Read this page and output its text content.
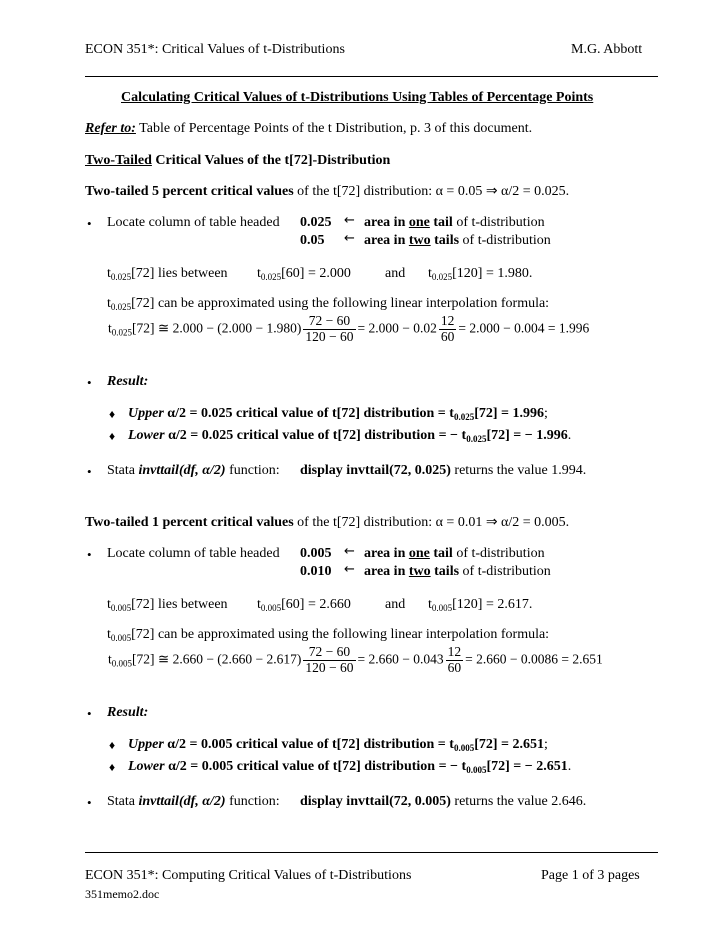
ECON 351*: Critical Values of t-Distributions	M.G. Abbott
Calculating Critical Values of t-Distributions Using Tables of Percentage Points
Refer to: Table of Percentage Points of the t Distribution, p. 3 of this document.
Two-Tailed Critical Values of the t[72]-Distribution
Two-tailed 5 percent critical values of the t[72] distribution: α = 0.05 ⇒ α/2 = 0.025.
• Locate column of table headed 0.025 ← area in one tail of t-distribution
0.05 ← area in two tails of t-distribution
$t_{0.025}[72]$ lies between $t_{0.025}[60] = 2.000$ and $t_{0.025}[120] = 1.980$.
$t_{0.025}[72]$ can be approximated using the following linear interpolation formula:
$t_{0.025}[72]$ ≅ $2.000 - (2.000 - 1.980) \frac{72 - 60}{120 - 60} = 2.000 - 0.02 \frac{12}{60} = 2.000 - 0.004 = 1.996$
• Result:
♦ Upper α/2 = 0.025 critical value of t[72] distribution = $t_{0.025}[72] = 1.996$;
♦ Lower α/2 = 0.025 critical value of t[72] distribution = − $t_{0.025}[72]$ = − 1.996.
• Stata invttail(df, α/2) function: display invttail(72, 0.025) returns the value 1.994.
Two-tailed 1 percent critical values of the t[72] distribution: α = 0.01 ⇒ α/2 = 0.005.
• Locate column of table headed 0.005 ← area in one tail of t-distribution
0.010 ← area in two tails of t-distribution
$t_{0.005}[72]$ lies between $t_{0.005}[60] = 2.660$ and $t_{0.005}[120] = 2.617$.
$t_{0.005}[72]$ can be approximated using the following linear interpolation formula:
$t_{0.005}[72]$ ≅ $2.660 - (2.660 - 2.617) \frac{72 - 60}{120 - 60} = 2.660 - 0.043 \frac{12}{60} = 2.660 - 0.0086 = 2.651$
• Result:
♦ Upper α/2 = 0.005 critical value of t[72] distribution = $t_{0.005}[72] = 2.651$;
♦ Lower α/2 = 0.005 critical value of t[72] distribution = − $t_{0.005}[72]$ = − 2.651.
• Stata invttail(df, α/2) function: display invttail(72, 0.005) returns the value 2.646.
ECON 351*: Computing Critical Values of t-Distributions	Page 1 of 3 pages
351memo2.doc
